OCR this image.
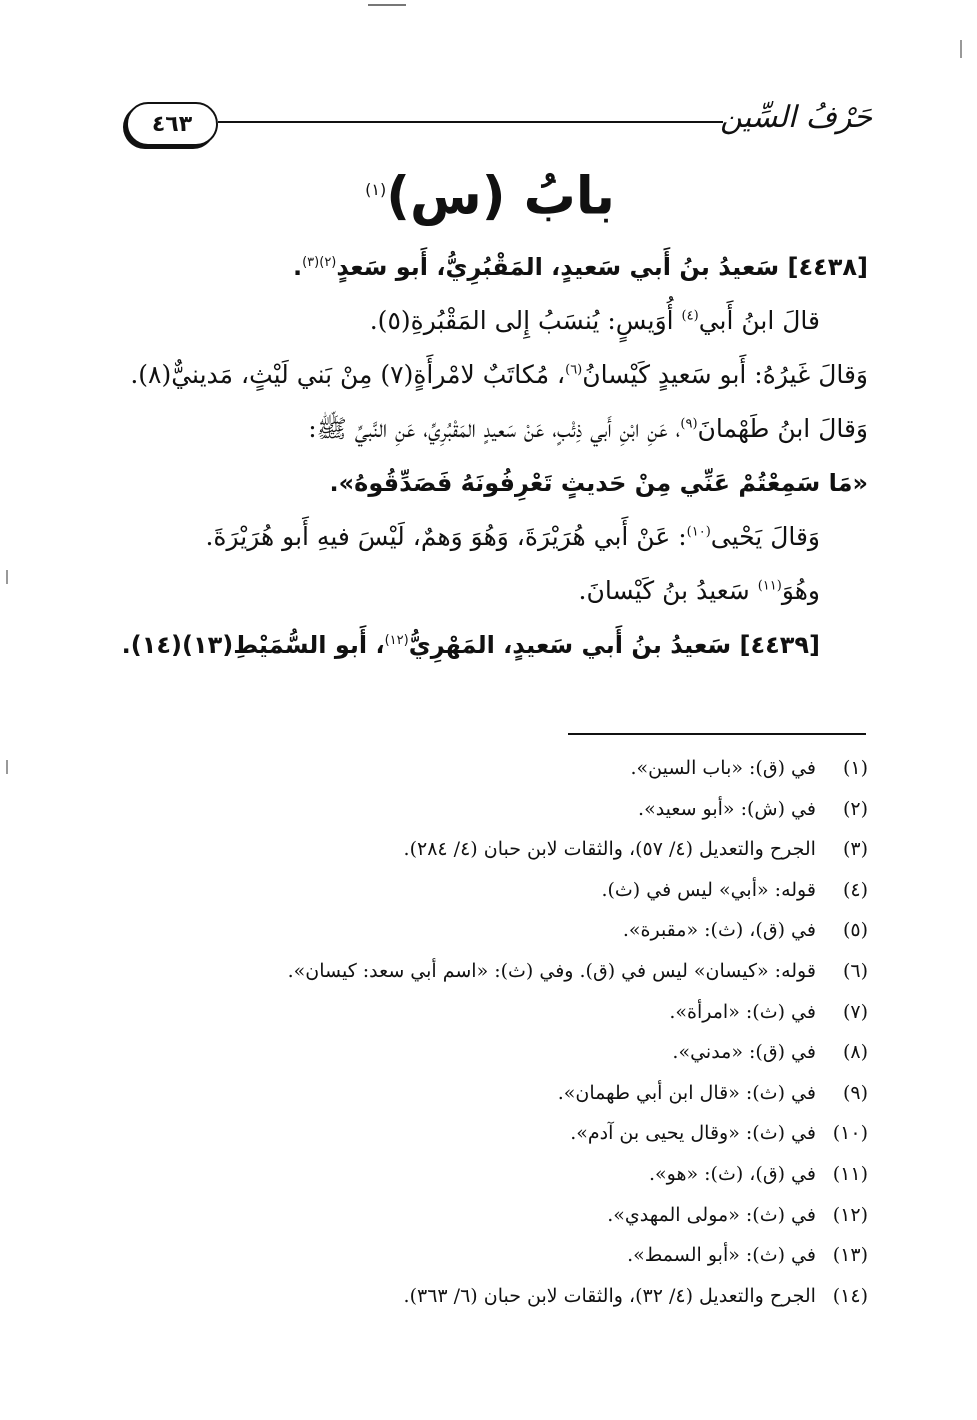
٤٦٣	حَرْفُ السِّين
بابُ (س)$^{(١)}$
[٤٤٣٨] سَعيدُ بنُ أَبي سَعيدٍ، المَقْبُرِيُّ، أَبو سَعدٍ$^{(٢)(٣)}$.
قالَ ابنُ أَبي$^{(٤)}$ أُوَيسٍ: يُنسَبُ إِلى المَقْبُرةِ(٥).
وَقالَ غَيرُهُ: أَبو سَعيدٍ كَيْسانُ$^{(٦)}$، مُكاتَبٌ لامْرأَةٍ(٧) مِنْ بَني لَيْثٍ، مَدينيٌّ(٨).
وَقالَ ابنُ طَهْمانَ$^{(٩)}$، عَنِ ابْنِ أَبي ذِئْبٍ، عَنْ سَعيدٍ المَقْبُرِيِّ، عَنِ النَّبيِّ ﷺ:
«مَا سَمِعْتُمْ عَنِّي مِنْ حَديثٍ تَعْرِفُونَهُ فَصَدِّقُوهُ».
وَقالَ يَحْيى$^{(١٠)}$: عَنْ أَبي هُرَيْرَةَ، وَهُوَ وَهمٌ، لَيْسَ فيهِ أَبو هُرَيْرَةَ.
وهُوَ$^{(١١)}$ سَعيدُ بنُ كَيْسانَ.
[٤٤٣٩] سَعيدُ بنُ أَبي سَعيدٍ، المَهْرِيُّ$^{(١٢)}$، أَبو السُّمَيْطِ(١٣)(١٤).
(١) في (ق): «باب السين».
(٢) في (ش): «أبو سعيد».
(٣) الجرح والتعديل (٤/ ٥٧)، والثقات لابن حبان (٤/ ٢٨٤).
(٤) قوله: «أبي» ليس في (ث).
(٥) في (ق)، (ث): «مقبرة».
(٦) قوله: «كيسان» ليس في (ق). وفي (ث): «اسم أبي سعد: كيسان».
(٧) في (ث): «امرأة».
(٨) في (ق): «مدني».
(٩) في (ث): «قال ابن أبي طهمان».
(١٠) في (ث): «وقال يحيى بن آدم».
(١١) في (ق)، (ث): «هو».
(١٢) في (ث): «مولى المهدي».
(١٣) في (ث): «أبو السمط».
(١٤) الجرح والتعديل (٤/ ٣٢)، والثقات لابن حبان (٦/ ٣٦٣).
